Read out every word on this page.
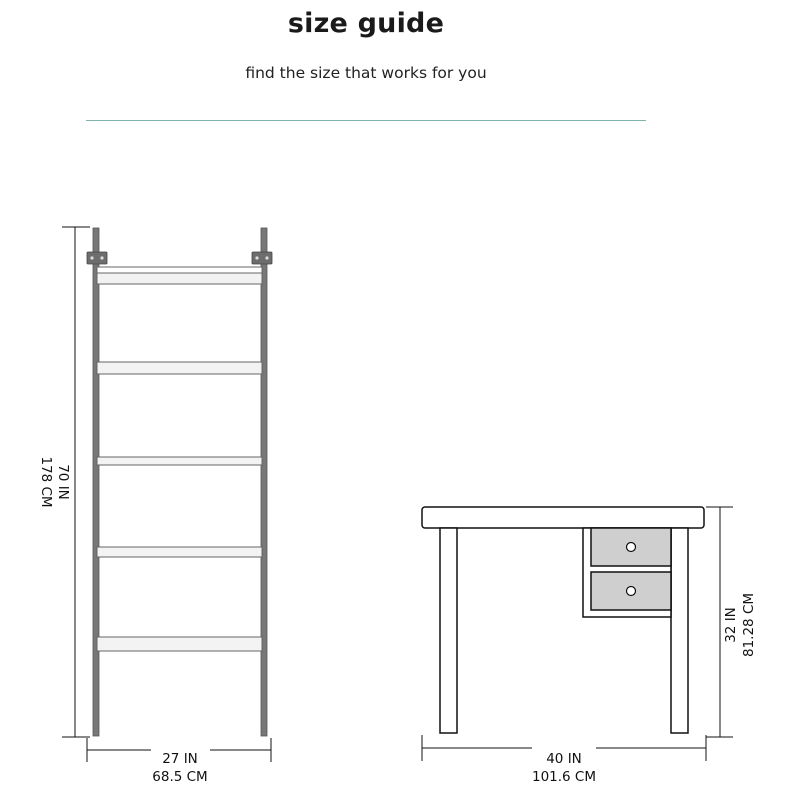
size guide
find the size that works for you
70 IN
178 CM
27 IN
68.5 CM
32 IN 81.28 CM
40 IN
101.6 CM
